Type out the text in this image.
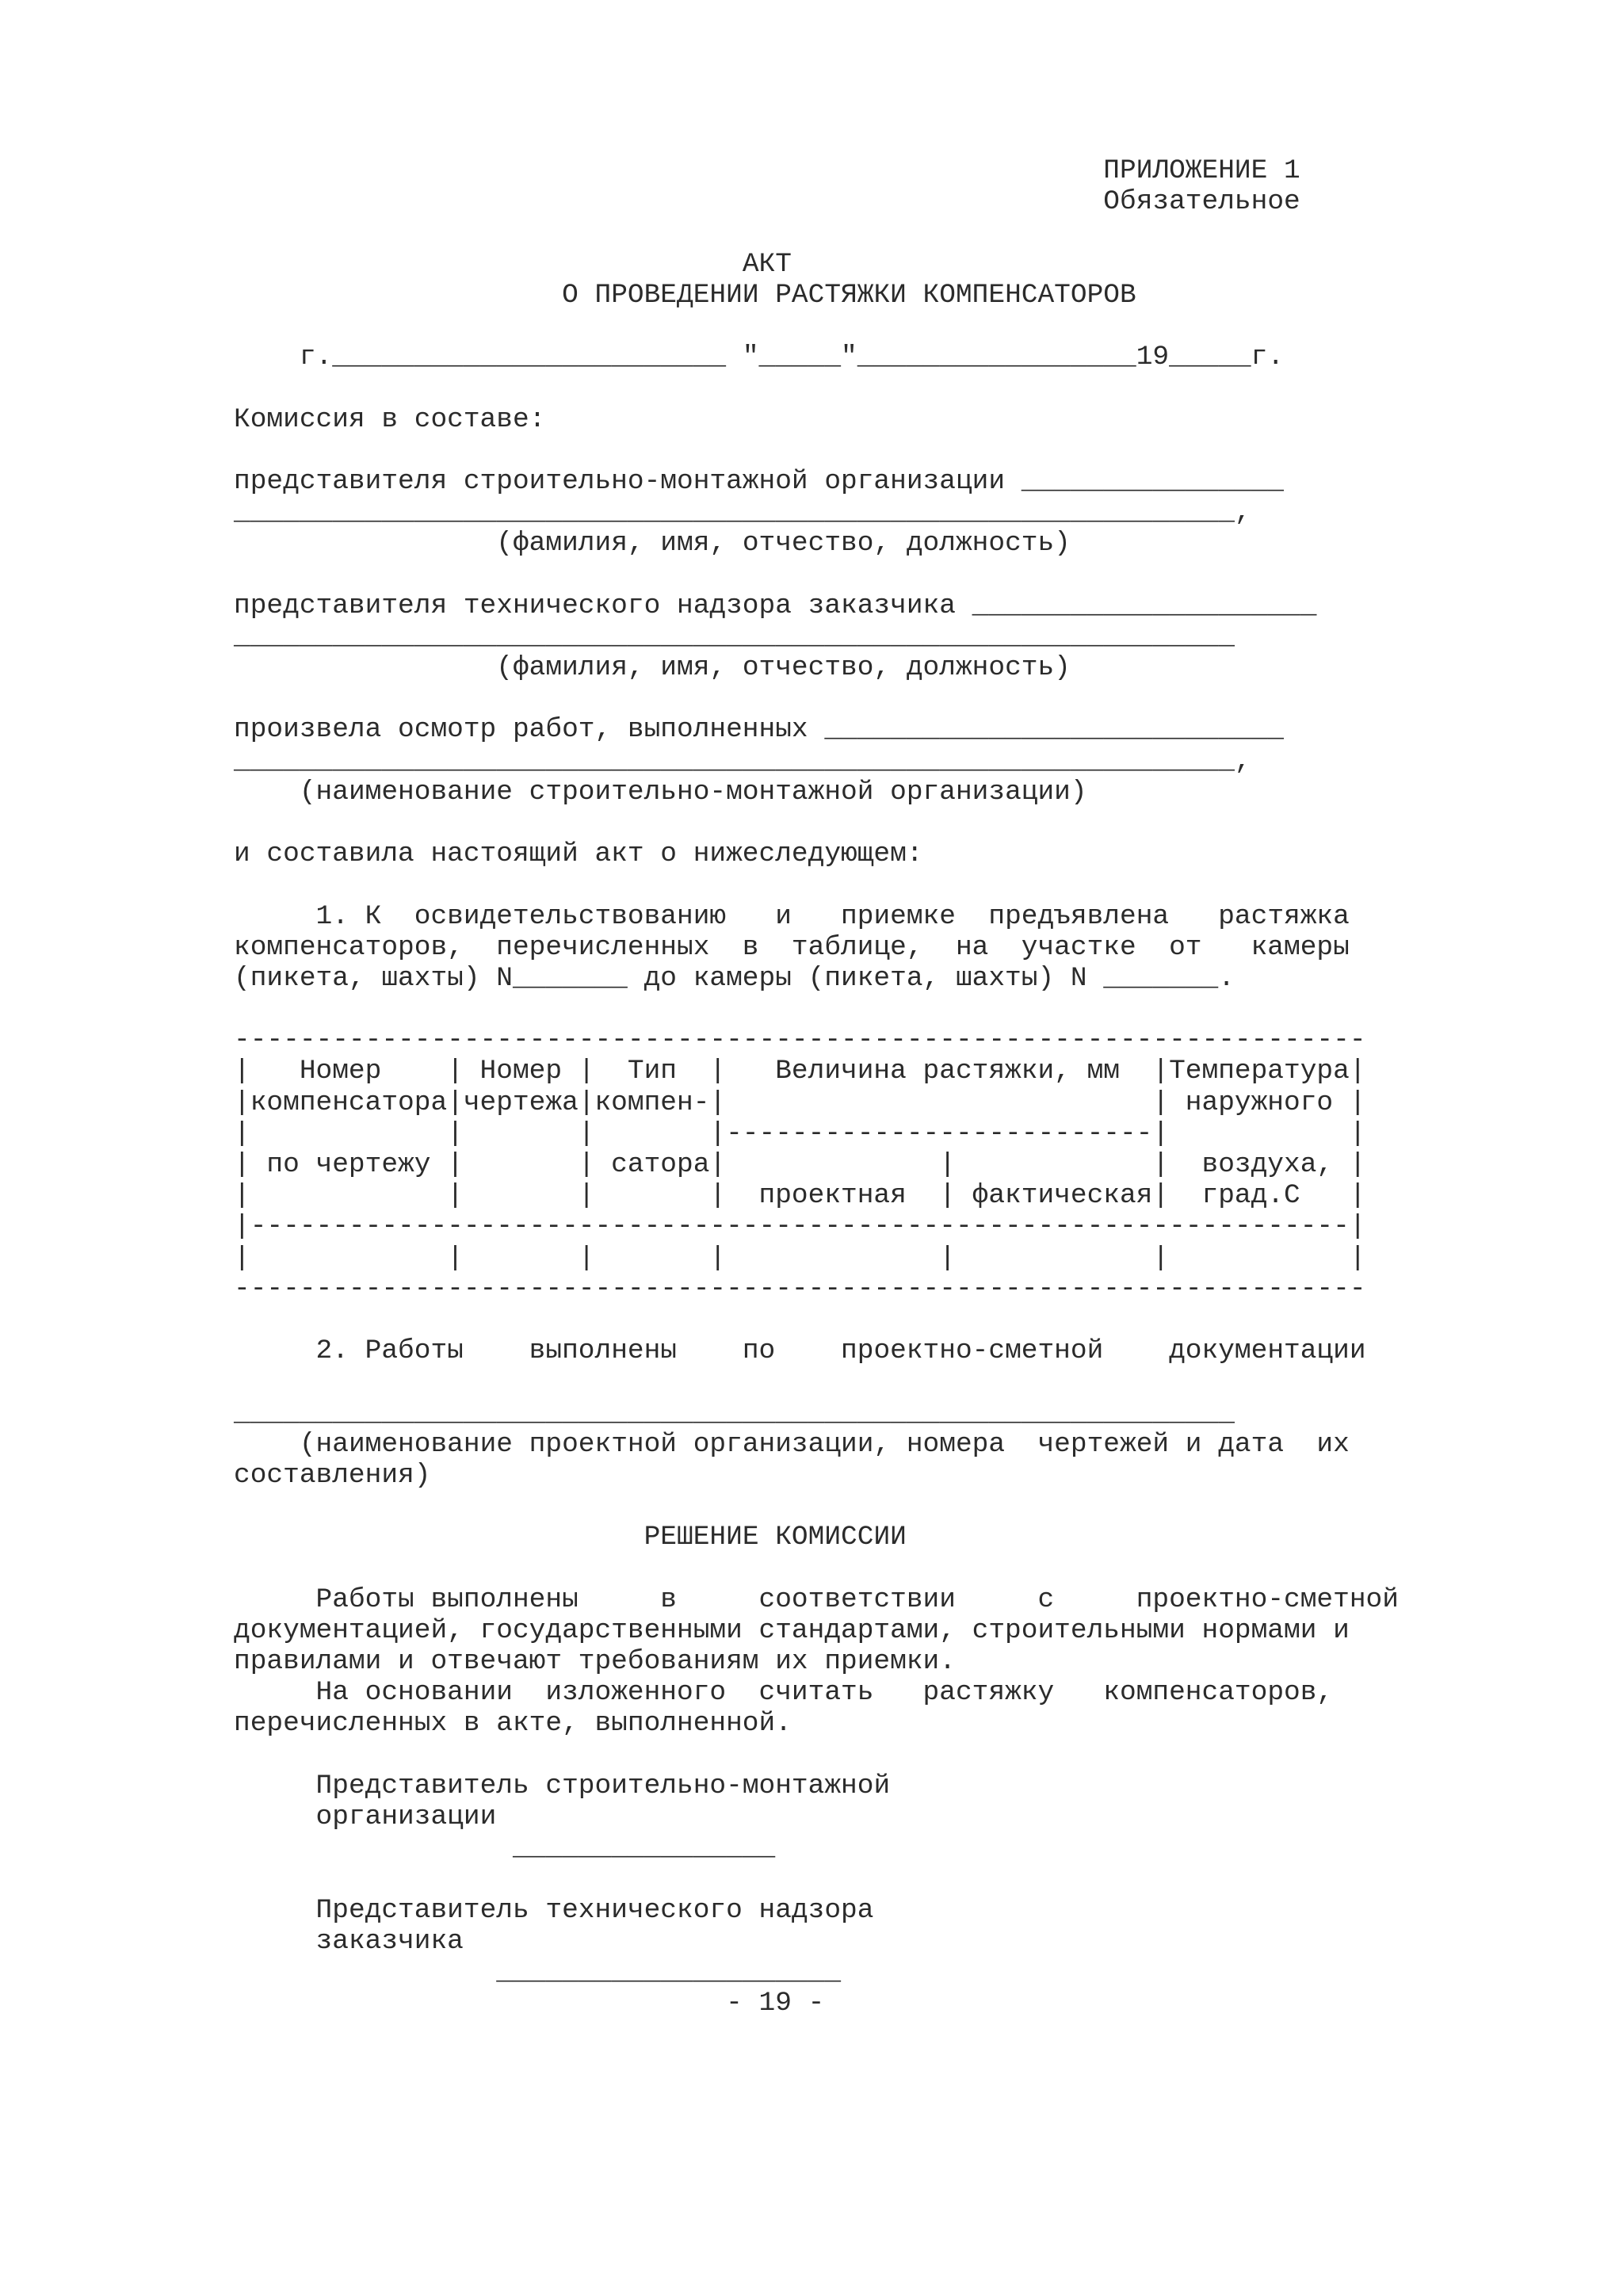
ПРИЛОЖЕНИЕ 1
Обязательное

АКТ
О ПРОВЕДЕНИИ РАСТЯЖКИ КОМПЕНСАТОРОВ

г.________________________ "_____"_________________19_____г.

Комиссия в составе:

представителя строительно-монтажной организации ________________
_____________________________________________________________,
(фамилия, имя, отчество, должность)

представителя технического надзора заказчика _____________________
_____________________________________________________________
(фамилия, имя, отчество, должность)

произвела осмотр работ, выполненных ____________________________
_____________________________________________________________,
(наименование строительно-монтажной организации)

и составила настоящий акт о нижеследующем:

1. К  освидетельствованию   и   приемке  предъявлена   растяжка
компенсаторов,  перечисленных  в  таблице,  на  участке  от   камеры
(пикета, шахты) N_______ до камеры (пикета, шахты) N _______.

---------------------------------------------------------------------
|   Номер    | Номер |  Тип  |   Величина растяжки, мм  |Температура|
|компенсатора|чертежа|компен-|                          | наружного |
|            |       |       |--------------------------|           |
| по чертежу |       | сатора|             |            |  воздуха, |
|            |       |       |  проектная  | фактическая|  град.С   |
|-------------------------------------------------------------------|
|            |       |       |             |            |           |
---------------------------------------------------------------------

2. Работы    выполнены    по    проектно-сметной    документации

_____________________________________________________________
(наименование проектной организации, номера  чертежей и дата  их
составления)

РЕШЕНИЕ КОМИССИИ

Работы выполнены     в     соответствии     с     проектно-сметной
документацией, государственными стандартами, строительными нормами и
правилами и отвечают требованиям их приемки.
На основании  изложенного  считать   растяжку   компенсаторов,
перечисленных в акте, выполненной.

Представитель строительно-монтажной
организации
________________

Представитель технического надзора
заказчика
_____________________
- 19 -
